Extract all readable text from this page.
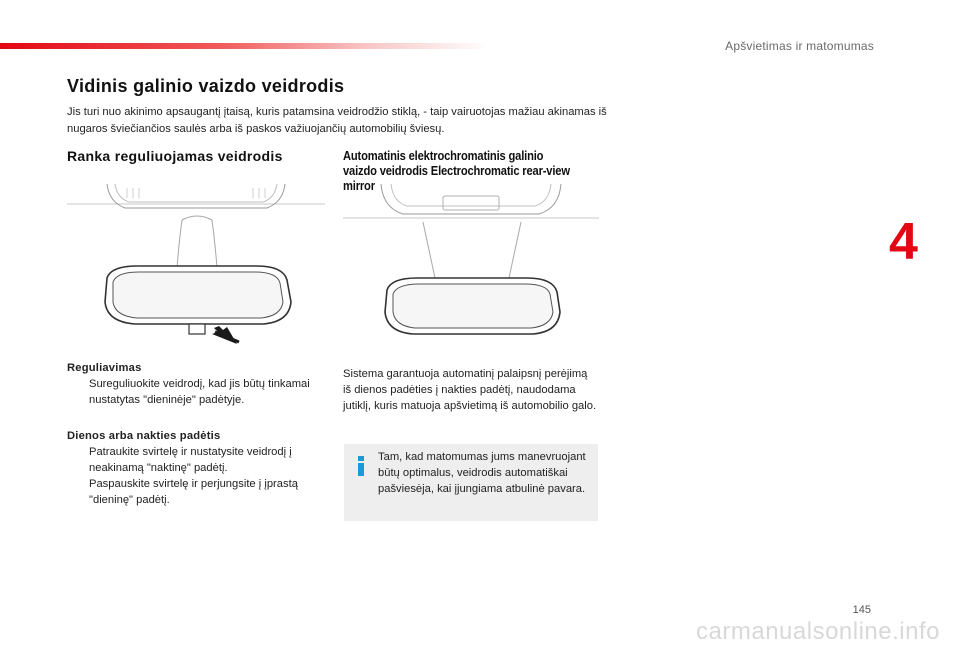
Apšvietimas ir matomumas
4
Vidinis galinio vaizdo veidrodis

Jis turi nuo akinimo apsaugantį įtaisą, kuris patamsina veidrodžio stiklą, - taip vairuotojas mažiau akinamas iš nugaros šviečiančios saulės arba iš paskos važiuojančių automobilių šviesų.

Ranka reguliuojamas veidrodis	Automatinis elektrochromatinis galinio vaizdo veidrodis Electrochromatic rear-view mirror
Reguliavimas
Sureguliuokite veidrodį, kad jis būtų tinkamai nustatytas "dieninėje" padėtyje.
Dienos arba nakties padėtis
Patraukite svirtelę ir nustatysite veidrodį į neakinamą "naktinę" padėtį.
Paspauskite svirtelę ir perjungsite į įprastą "dieninę" padėtį.

Sistema garantuoja automatinį palaipsnį perėjimą iš dienos padėties į nakties padėtį, naudodama jutiklį, kuris matuoja apšvietimą iš automobilio galo.

Tam, kad matomumas jums manevruojant būtų optimalus, veidrodis automatiškai pašviesėja, kai įjungiama atbulinė pavara.

145
carmanualsonline.info
